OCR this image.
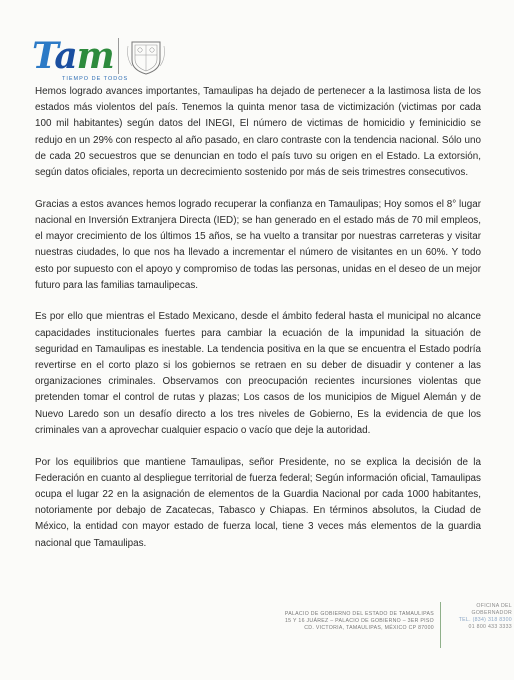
Tam
TIEMPO DE TODOS

Hemos logrado avances importantes, Tamaulipas ha dejado de pertenecer a la lastimosa lista de los estados más violentos del país. Tenemos la quinta menor tasa de victimización (victimas por cada 100 mil habitantes) según datos del INEGI, El número de victimas de homicidio y feminicidio se redujo en un 29% con respecto al año pasado, en claro contraste con la tendencia nacional. Sólo uno de cada 20 secuestros que se denuncian en todo el país tuvo su origen en el Estado. La extorsión, según datos oficiales, reporta un decrecimiento sostenido por más de seis trimestres consecutivos.

Gracias a estos avances hemos logrado recuperar la confianza en Tamaulipas; Hoy somos el 8° lugar nacional en Inversión Extranjera Directa (IED); se han generado en el estado más de 70 mil empleos, el mayor crecimiento de los últimos 15 años, se ha vuelto a transitar por nuestras carreteras y visitar nuestras ciudades, lo que nos ha llevado a incrementar el número de visitantes en un 60%. Y todo esto por supuesto con el apoyo y compromiso de todas las personas, unidas en el deseo de un mejor futuro para las familias tamaulipecas.

Es por ello que mientras el Estado Mexicano, desde el ámbito federal hasta el municipal no alcance capacidades institucionales fuertes para cambiar la ecuación de la impunidad la situación de seguridad en Tamaulipas es inestable. La tendencia positiva en la que se encuentra el Estado podría revertirse en el corto plazo si los gobiernos se retraen en su deber de disuadir y contener a las organizaciones criminales. Observamos con preocupación recientes incursiones violentas que pretenden tomar el control de rutas y plazas; Los casos de los municipios de Miguel Alemán y de Nuevo Laredo son un desafío directo a los tres niveles de Gobierno, Es la evidencia de que los criminales van a aprovechar cualquier espacio o vacío que deje la autoridad.

Por los equilibrios que mantiene Tamaulipas, señor Presidente, no se explica la decisión de la Federación en cuanto al despliegue territorial de fuerza federal; Según información oficial, Tamaulipas ocupa el lugar 22 en la asignación de elementos de la Guardia Nacional por cada 1000 habitantes, notoriamente por debajo de Zacatecas, Tabasco y Chiapas. En términos absolutos, la Ciudad de México, la entidad con mayor estado de fuerza local, tiene 3 veces más elementos de la guardia nacional que Tamaulipas.

PALACIO DE GOBIERNO DEL ESTADO DE TAMAULIPAS
15 Y 16 JUÁREZ – PALACIO DE GOBIERNO – 3ER PISO
CD. VICTORIA, TAMAULIPAS, MÉXICO CP 87000
OFICINA DEL
GOBERNADOR
TEL. (834) 318 8300
01 800 433 3333
